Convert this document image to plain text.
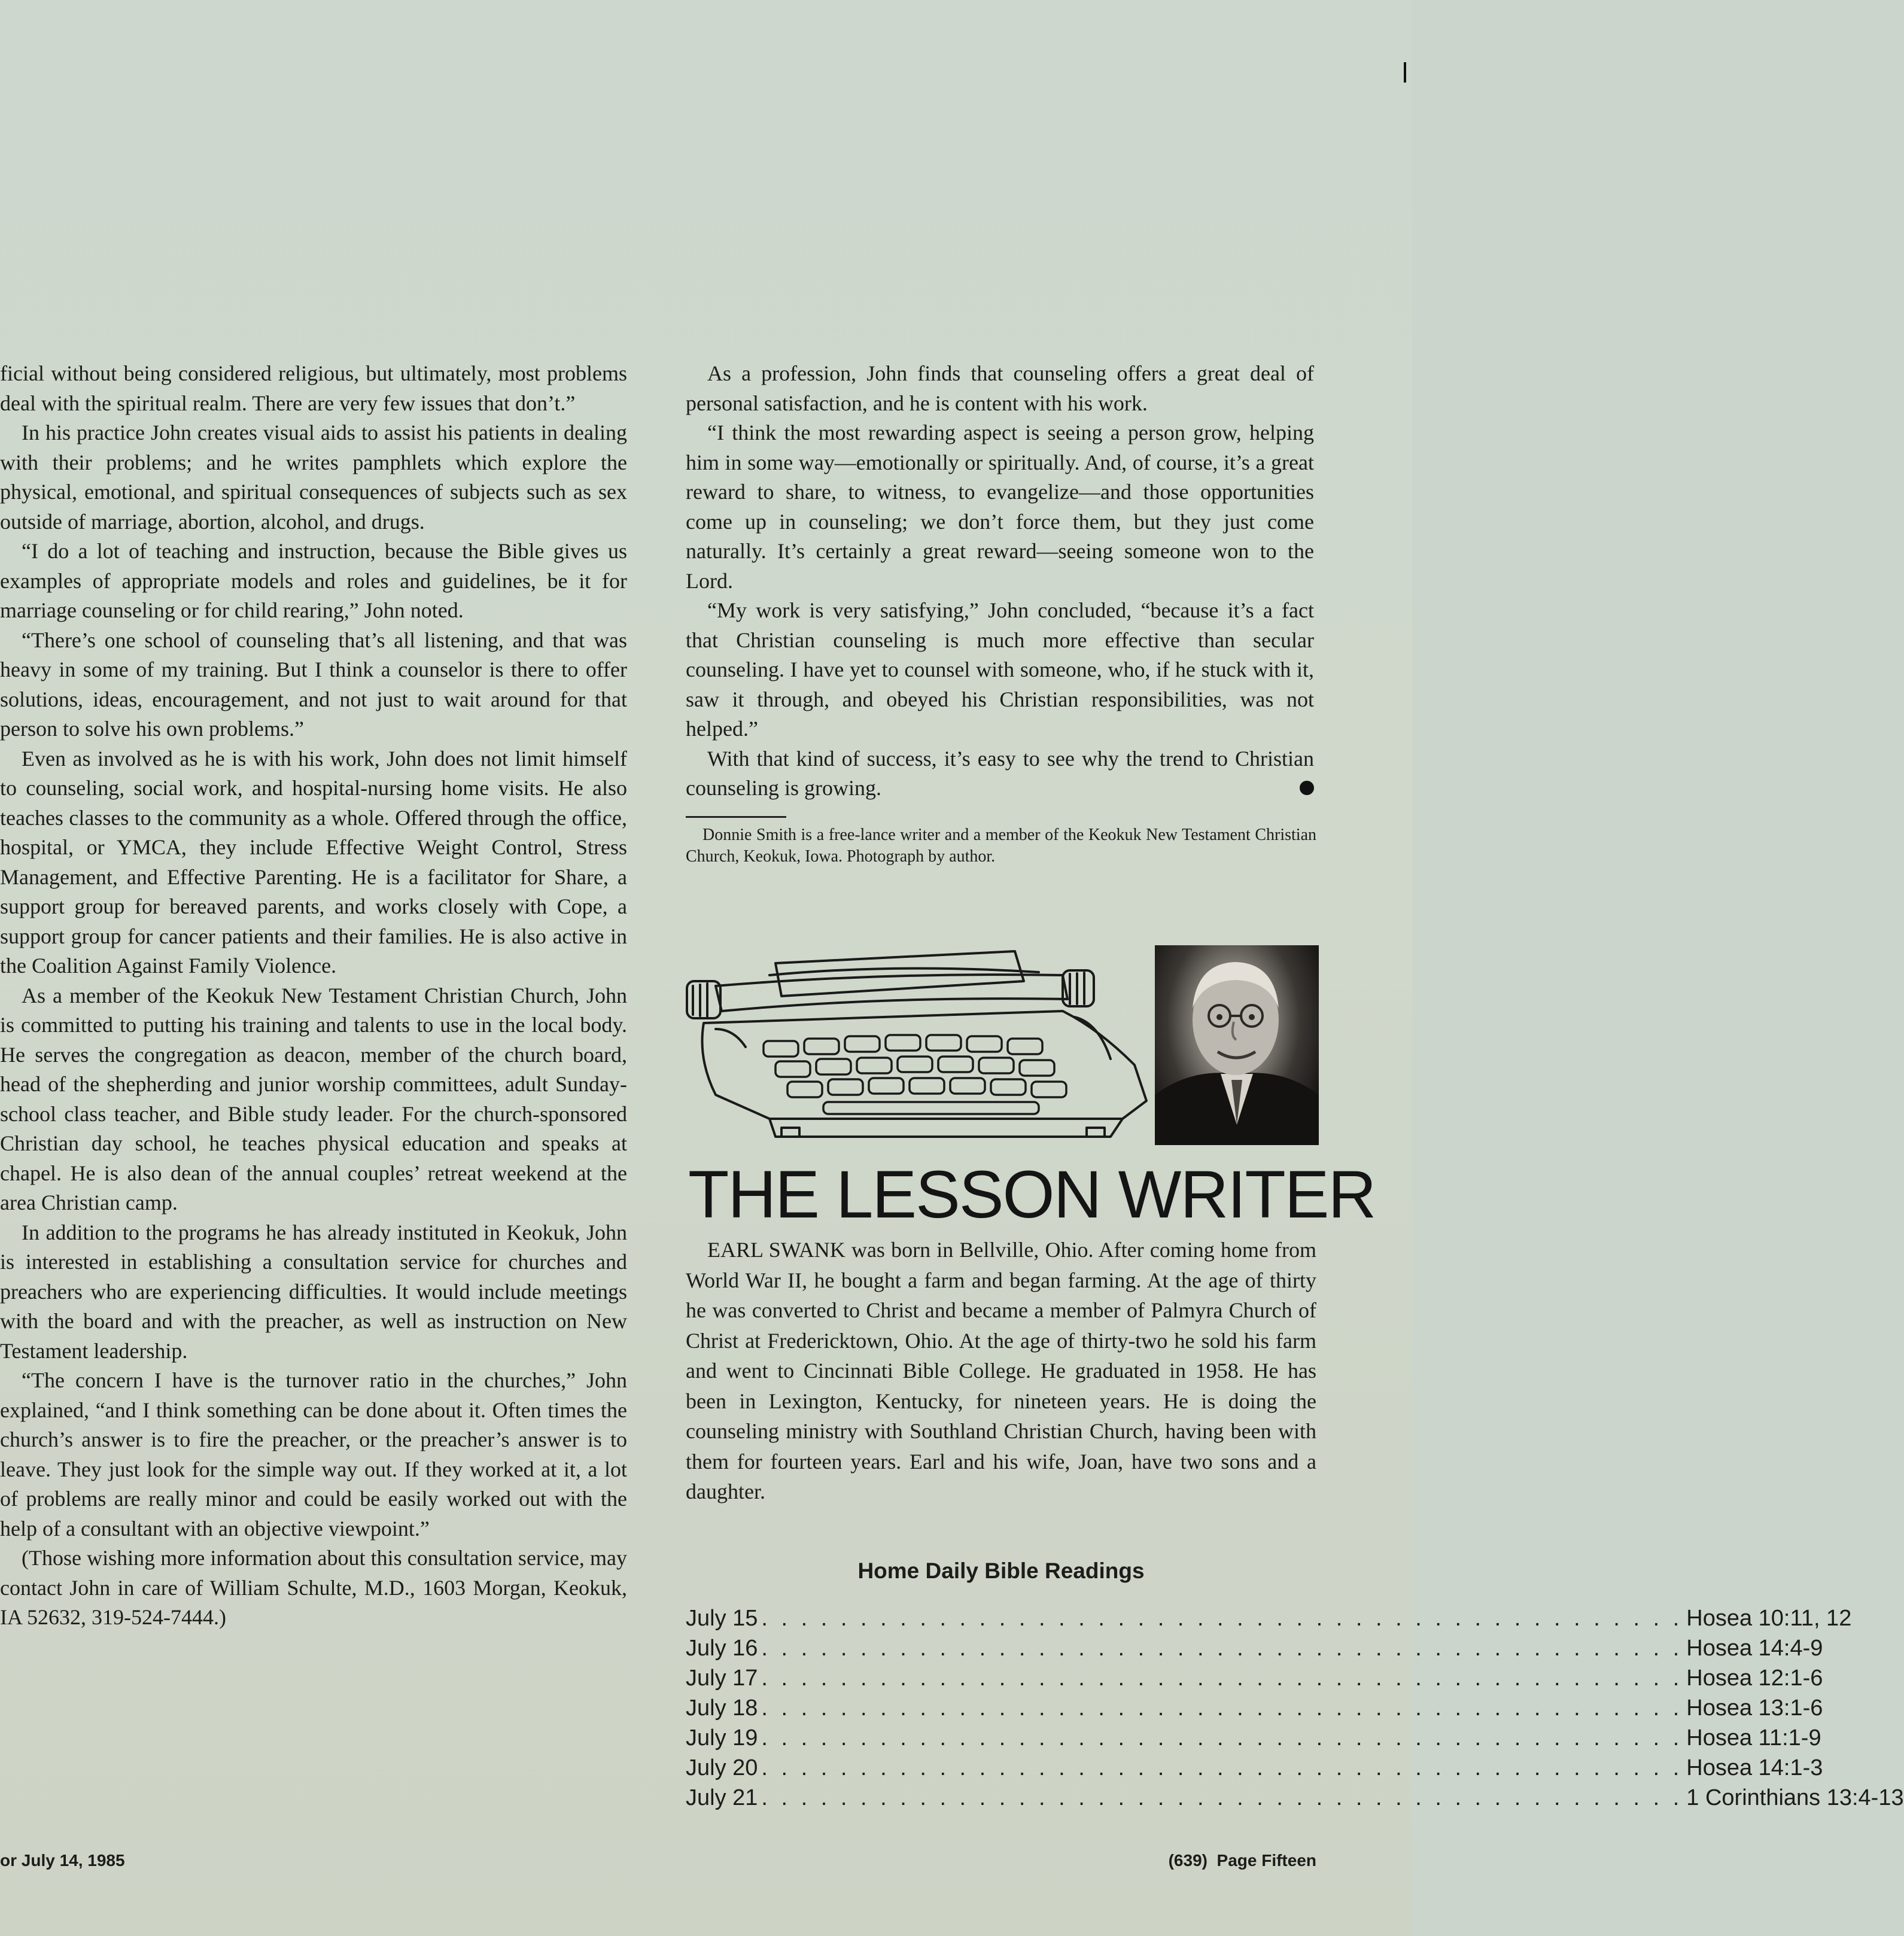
ficial without being considered religious, but ultimately, most problems deal with the spiritual realm. There are very few issues that don’t.”

In his practice John creates visual aids to assist his patients in dealing with their problems; and he writes pamphlets which explore the physical, emotional, and spiritual consequences of subjects such as sex outside of marriage, abortion, alcohol, and drugs.

“I do a lot of teaching and instruction, because the Bible gives us examples of appropriate models and roles and guidelines, be it for marriage counseling or for child rearing,” John noted.

“There’s one school of counseling that’s all listening, and that was heavy in some of my training. But I think a counselor is there to offer solutions, ideas, encouragement, and not just to wait around for that person to solve his own problems.”

Even as involved as he is with his work, John does not limit himself to counseling, social work, and hospital-nursing home visits. He also teaches classes to the community as a whole. Offered through the office, hospital, or YMCA, they include Effective Weight Control, Stress Management, and Effective Parenting. He is a facilitator for Share, a support group for bereaved parents, and works closely with Cope, a support group for cancer patients and their families. He is also active in the Coalition Against Family Violence.

As a member of the Keokuk New Testament Christian Church, John is committed to putting his training and talents to use in the local body. He serves the congregation as deacon, member of the church board, head of the shepherding and junior worship committees, adult Sunday-school class teacher, and Bible study leader. For the church-sponsored Christian day school, he teaches physical education and speaks at chapel. He is also dean of the annual couples’ retreat weekend at the area Christian camp.

In addition to the programs he has already instituted in Keokuk, John is interested in establishing a consultation service for churches and preachers who are experiencing difficulties. It would include meetings with the board and with the preacher, as well as instruction on New Testament leadership.

“The concern I have is the turnover ratio in the churches,” John explained, “and I think something can be done about it. Often times the church’s answer is to fire the preacher, or the preacher’s answer is to leave. They just look for the simple way out. If they worked at it, a lot of problems are really minor and could be easily worked out with the help of a consultant with an objective viewpoint.”

(Those wishing more information about this consultation service, may contact John in care of William Schulte, M.D., 1603 Morgan, Keokuk, IA 52632, 319-524-7444.)

As a profession, John finds that counseling offers a great deal of personal satisfaction, and he is content with his work.

“I think the most rewarding aspect is seeing a person grow, helping him in some way—emotionally or spiritually. And, of course, it’s a great reward to share, to witness, to evangelize—and those opportunities come up in counseling; we don’t force them, but they just come naturally. It’s certainly a great reward—seeing someone won to the Lord.

“My work is very satisfying,” John concluded, “because it’s a fact that Christian counseling is much more effective than secular counseling. I have yet to counsel with someone, who, if he stuck with it, saw it through, and obeyed his Christian responsibilities, was not helped.”

With that kind of success, it’s easy to see why the trend to Christian counseling is growing.

Donnie Smith is a free-lance writer and a member of the Keokuk New Testament Christian Church, Keokuk, Iowa. Photograph by author.
THE LESSON WRITER
EARL SWANK was born in Bellville, Ohio. After coming home from World War II, he bought a farm and began farming. At the age of thirty he was converted to Christ and became a member of Palmyra Church of Christ at Fredericktown, Ohio. At the age of thirty-two he sold his farm and went to Cincinnati Bible College. He graduated in 1958. He has been in Lexington, Kentucky, for nineteen years. He is doing the counseling ministry with Southland Christian Church, having been with them for fourteen years. Earl and his wife, Joan, have two sons and a daughter.
Home Daily Bible Readings
July 15 . . . . . . . . . . . . . . . . . . . . . . . . . . . . . . . . . . . . . . . . . . . . . . . Hosea 10:11, 12
July 16 . . . . . . . . . . . . . . . . . . . . . . . . . . . . . . . . . . . . . . . . . . . . . . . Hosea 14:4-9
July 17 . . . . . . . . . . . . . . . . . . . . . . . . . . . . . . . . . . . . . . . . . . . . . . . Hosea 12:1-6
July 18 . . . . . . . . . . . . . . . . . . . . . . . . . . . . . . . . . . . . . . . . . . . . . . . Hosea 13:1-6
July 19 . . . . . . . . . . . . . . . . . . . . . . . . . . . . . . . . . . . . . . . . . . . . . . . Hosea 11:1-9
July 20 . . . . . . . . . . . . . . . . . . . . . . . . . . . . . . . . . . . . . . . . . . . . . . . Hosea 14:1-3
July 21 . . . . . . . . . . . . . . . . . . . . . . . . . . . . . . . . . . . . . . . . . . . . . . . 1 Corinthians 13:4-13
or July 14, 1985	(639)  Page Fifteen
